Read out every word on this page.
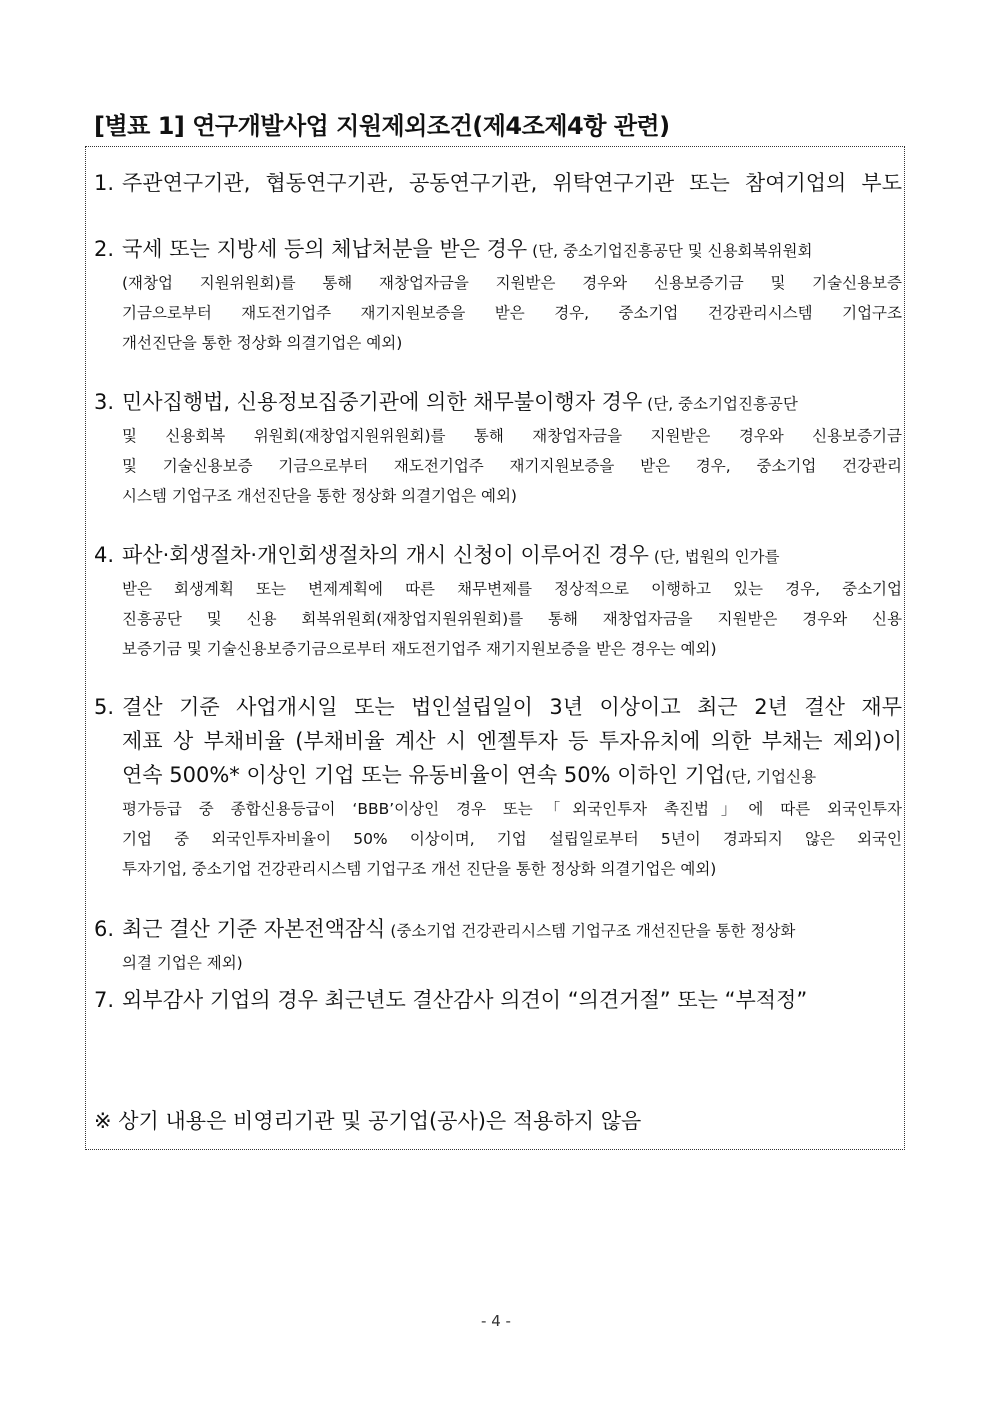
[별표 1] 연구개발사업 지원제외조건(제4조제4항 관련)
1. 주관연구기관, 협동연구기관, 공동연구기관, 위탁연구기관 또는 참여기업의 부도
2. 국세 또는 지방세 등의 체납처분을 받은 경우 (단, 중소기업진흥공단 및 신용회복위원회
(재창업 지원위원회)를 통해 재창업자금을 지원받은 경우와 신용보증기금 및 기술신용보증
기금으로부터 재도전기업주 재기지원보증을 받은 경우, 중소기업 건강관리시스템 기업구조
개선진단을 통한 정상화 의결기업은 예외)
3. 민사집행법, 신용정보집중기관에 의한 채무불이행자 경우 (단, 중소기업진흥공단
및 신용회복 위원회(재창업지원위원회)를 통해 재창업자금을 지원받은 경우와 신용보증기금
및 기술신용보증 기금으로부터 재도전기업주 재기지원보증을 받은 경우, 중소기업 건강관리
시스템 기업구조 개선진단을 통한 정상화 의결기업은 예외)
4. 파산·회생절차·개인회생절차의 개시 신청이 이루어진 경우 (단, 법원의 인가를
받은 회생계획 또는 변제계획에 따른 채무변제를 정상적으로 이행하고 있는 경우, 중소기업
진흥공단 및 신용 회복위원회(재창업지원위원회)를 통해 재창업자금을 지원받은 경우와 신용
보증기금 및 기술신용보증기금으로부터 재도전기업주 재기지원보증을 받은 경우는 예외)
5. 결산 기준 사업개시일 또는 법인설립일이 3년 이상이고 최근 2년 결산 재무
제표 상 부채비율 (부채비율 계산 시 엔젤투자 등 투자유치에 의한 부채는 제외)이
연속 500%* 이상인 기업 또는 유동비율이 연속 50% 이하인 기업(단, 기업신용
평가등급 중 종합신용등급이 ‘BBB’이상인 경우 또는「외국인투자 촉진법」에 따른 외국인투자
기업 중 외국인투자비율이 50% 이상이며, 기업 설립일로부터 5년이 경과되지 않은 외국인
투자기업, 중소기업 건강관리시스템 기업구조 개선 진단을 통한 정상화 의결기업은 예외)
6. 최근 결산 기준 자본전액잠식 (중소기업 건강관리시스템 기업구조 개선진단을 통한 정상화
의결 기업은 제외)
7. 외부감사 기업의 경우 최근년도 결산감사 의견이 “의견거절” 또는 “부적정”
※ 상기 내용은 비영리기관 및 공기업(공사)은 적용하지 않음
- 4 -
